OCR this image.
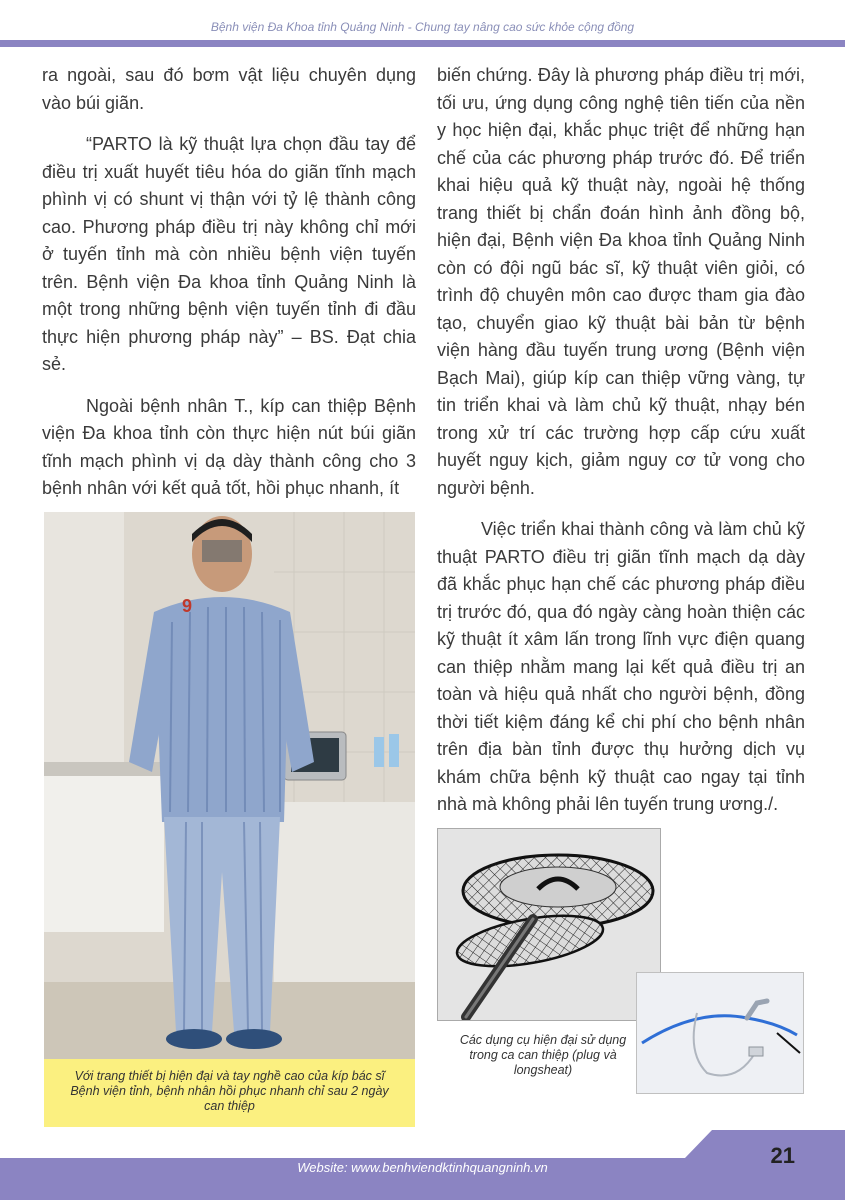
Bệnh viện Đa Khoa tỉnh Quảng Ninh - Chung tay nâng cao sức khỏe cộng đồng

ra ngoài, sau đó bơm vật liệu chuyên dụng vào búi giãn.

“PARTO là kỹ thuật lựa chọn đầu tay để điều trị xuất huyết tiêu hóa do giãn tĩnh mạch phình vị có shunt vị thận với tỷ lệ thành công cao. Phương pháp điều trị này không chỉ mới ở tuyến tỉnh mà còn nhiều bệnh viện tuyến trên. Bệnh viện Đa khoa tỉnh Quảng Ninh là một trong những bệnh viện tuyến tỉnh đi đầu thực hiện phương pháp này” – BS. Đạt chia sẻ.

Ngoài bệnh nhân T., kíp can thiệp Bệnh viện Đa khoa tỉnh còn thực hiện nút búi giãn tĩnh mạch phình vị dạ dày thành công cho 3 bệnh nhân với kết quả tốt, hồi phục nhanh, ít

biến chứng. Đây là phương pháp điều trị mới, tối ưu, ứng dụng công nghệ tiên tiến của nền y học hiện đại, khắc phục triệt để những hạn chế của các phương pháp trước đó. Để triển khai hiệu quả kỹ thuật này, ngoài hệ thống trang thiết bị chẩn đoán hình ảnh đồng bộ, hiện đại, Bệnh viện Đa khoa tỉnh Quảng Ninh còn có đội ngũ bác sĩ, kỹ thuật viên giỏi, có trình độ chuyên môn cao được tham gia đào tạo, chuyển giao kỹ thuật bài bản từ bệnh viện hàng đầu tuyến trung ương (Bệnh viện Bạch Mai), giúp kíp can thiệp vững vàng, tự tin triển khai và làm chủ kỹ thuật, nhạy bén trong xử trí các trường hợp cấp cứu xuất huyết nguy kịch, giảm nguy cơ tử vong cho người bệnh.

Việc triển khai thành công và làm chủ kỹ thuật PARTO điều trị giãn tĩnh mạch dạ dày đã khắc phục hạn chế các phương pháp điều trị trước đó, qua đó ngày càng hoàn thiện các kỹ thuật ít xâm lấn trong lĩnh vực điện quang can thiệp nhằm mang lại kết quả điều trị an toàn và hiệu quả nhất cho người bệnh, đồng thời tiết kiệm đáng kể chi phí cho bệnh nhân trên địa bàn tỉnh được thụ hưởng dịch vụ khám chữa bệnh kỹ thuật cao ngay tại tỉnh nhà mà không phải lên tuyến trung ương./.

9
Với trang thiết bị hiện đại và tay nghề cao của kíp bác sĩ Bệnh viện tỉnh, bệnh nhân hồi phục nhanh chỉ sau 2 ngày can thiệp
Các dụng cụ hiện đại sử dụng trong ca can thiệp (plug và longsheat)
21
Website: www.benhviendktinhquangninh.vn
